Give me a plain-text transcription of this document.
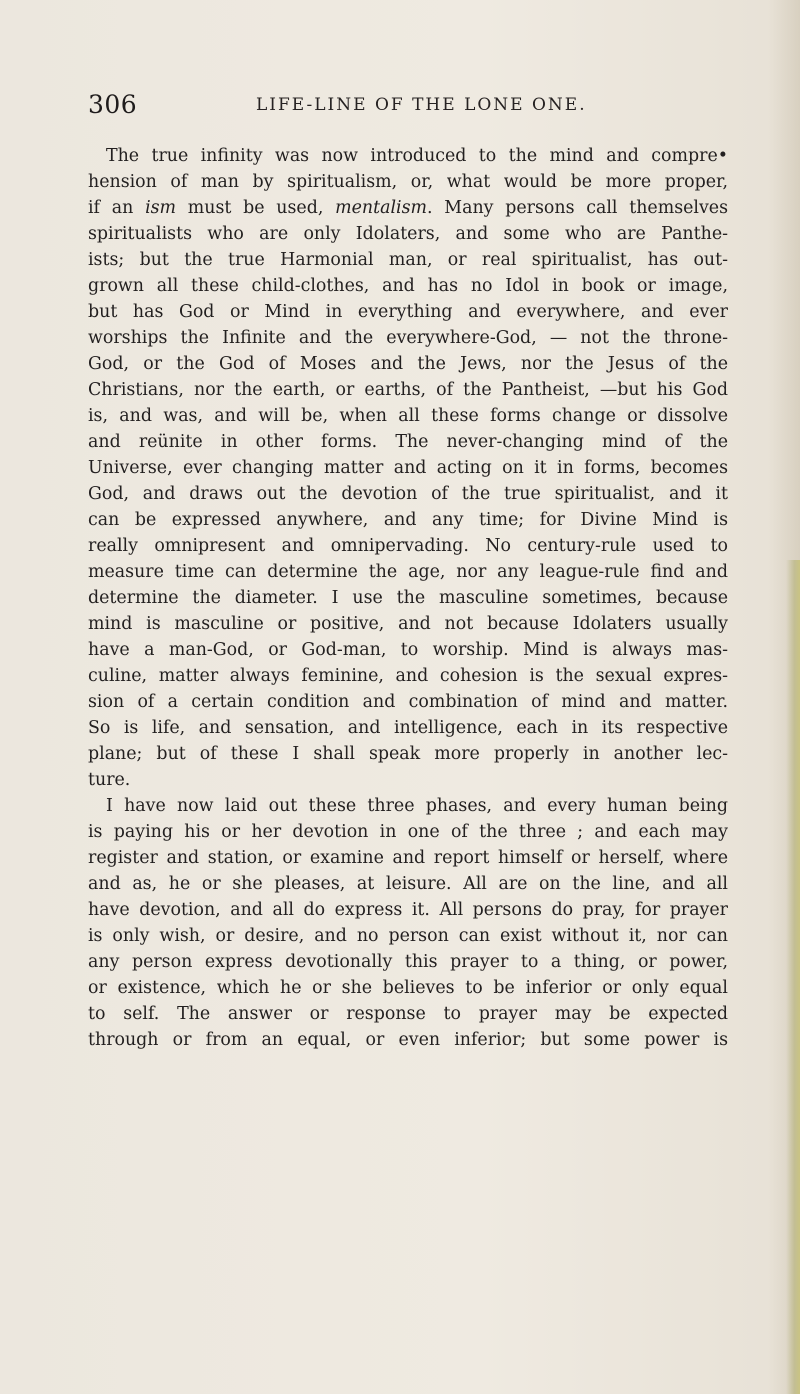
306	LIFE-LINE OF THE LONE ONE.
The true infinity was now introduced to the mind and compre•
hension of man by spiritualism, or, what would be more proper,
if an ism must be used, mentalism. Many persons call themselves
spiritualists who are only Idolaters, and some who are Panthe-
ists; but the true Harmonial man, or real spiritualist, has out-
grown all these child-clothes, and has no Idol in book or image,
but has God or Mind in everything and everywhere, and ever
worships the Infinite and the everywhere-God, — not the throne-
God, or the God of Moses and the Jews, nor the Jesus of the
Christians, nor the earth, or earths, of the Pantheist, —but his God
is, and was, and will be, when all these forms change or dissolve
and reünite in other forms. The never-changing mind of the
Universe, ever changing matter and acting on it in forms, becomes
God, and draws out the devotion of the true spiritualist, and it
can be expressed anywhere, and any time; for Divine Mind is
really omnipresent and omnipervading. No century-rule used to
measure time can determine the age, nor any league-rule find and
determine the diameter. I use the masculine sometimes, because
mind is masculine or positive, and not because Idolaters usually
have a man-God, or God-man, to worship. Mind is always mas-
culine, matter always feminine, and cohesion is the sexual expres-
sion of a certain condition and combination of mind and matter.
So is life, and sensation, and intelligence, each in its respective
plane; but of these I shall speak more properly in another lec-
ture.
I have now laid out these three phases, and every human being
is paying his or her devotion in one of the three ; and each may
register and station, or examine and report himself or herself, where
and as, he or she pleases, at leisure. All are on the line, and all
have devotion, and all do express it. All persons do pray, for prayer
is only wish, or desire, and no person can exist without it, nor can
any person express devotionally this prayer to a thing, or power,
or existence, which he or she believes to be inferior or only equal
to self. The answer or response to prayer may be expected
through or from an equal, or even inferior; but some power is
